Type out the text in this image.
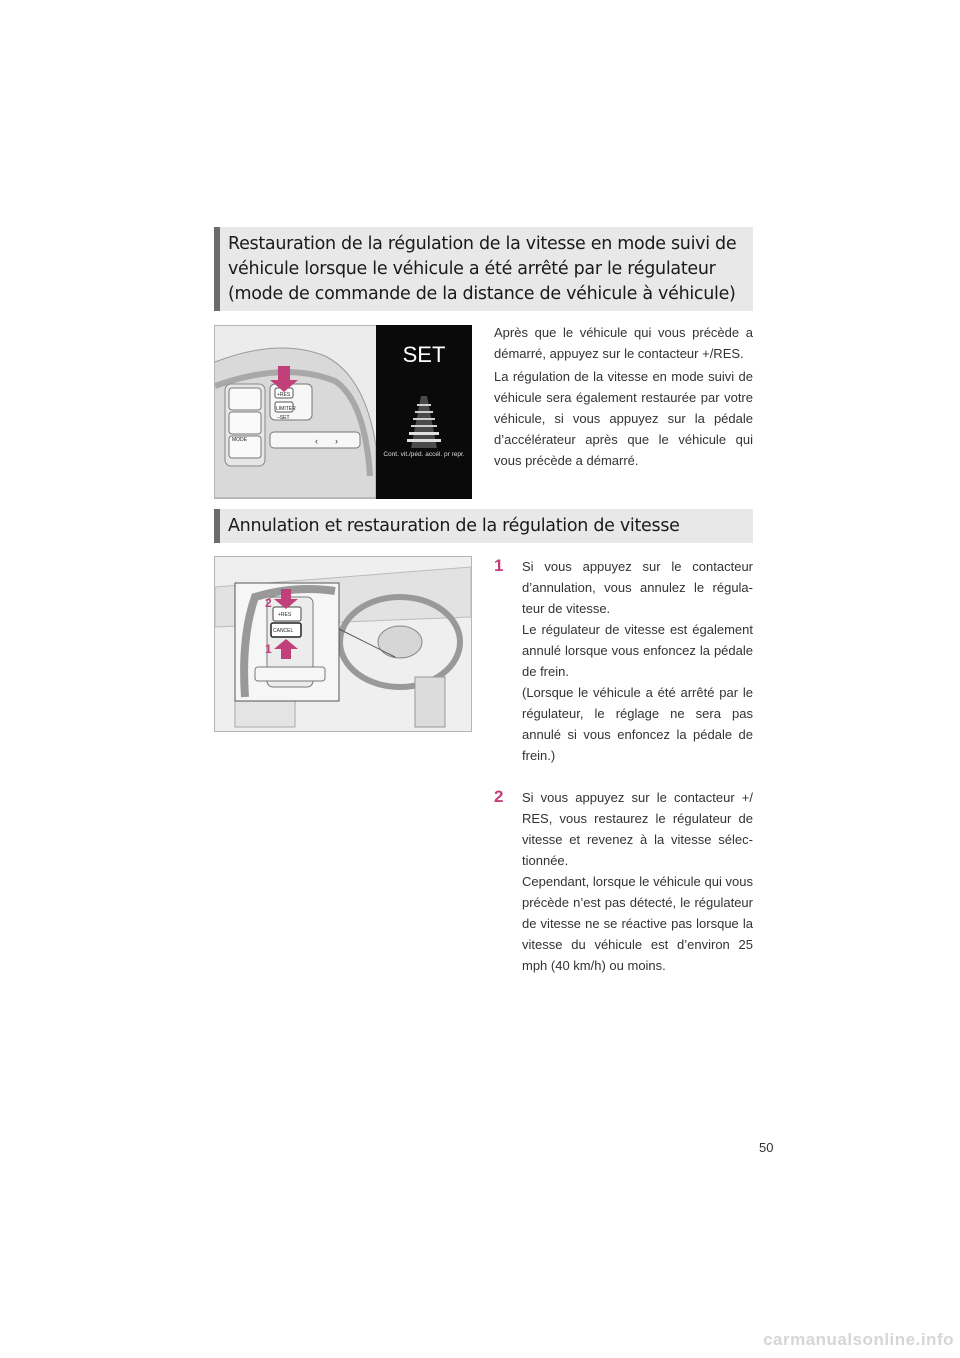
Restauration de la régulation de la vitesse en mode suivi de véhicule lorsque le véhicule a été arrêté par le régulateur (mode de commande de la distance de véhicule à véhicule)
+RES
LIMITER
–SET
MODE	‹ ›
SET
Cont. vit./péd. accél. pr repr.

Après que le véhicule qui vous précède a démarré, appuyez sur le contacteur +/RES.

La régulation de la vitesse en mode suivi de véhicule sera également restaurée par votre véhicule, si vous appuyez sur la pédale d’accélérateur après que le véhicule qui vous précède a démarré.

Annulation et restauration de la régulation de vitesse
+RES
CANCEL
2
1
1 Si vous appuyez sur le contacteur d’annulation, vous annulez le régula-teur de vitesse.

Le régulateur de vitesse est également annulé lorsque vous enfoncez la pédale de frein.

(Lorsque le véhicule a été arrêté par le régulateur, le réglage ne sera pas annulé si vous enfoncez la pédale de frein.)

2 Si vous appuyez sur le contacteur +/ RES, vous restaurez le régulateur de vitesse et revenez à la vitesse sélec-tionnée.

Cependant, lorsque le véhicule qui vous précède n’est pas détecté, le régulateur de vitesse ne se réactive pas lorsque la vitesse du véhicule est d’environ 25 mph (40 km/h) ou moins.

50
carmanualsonline.info
